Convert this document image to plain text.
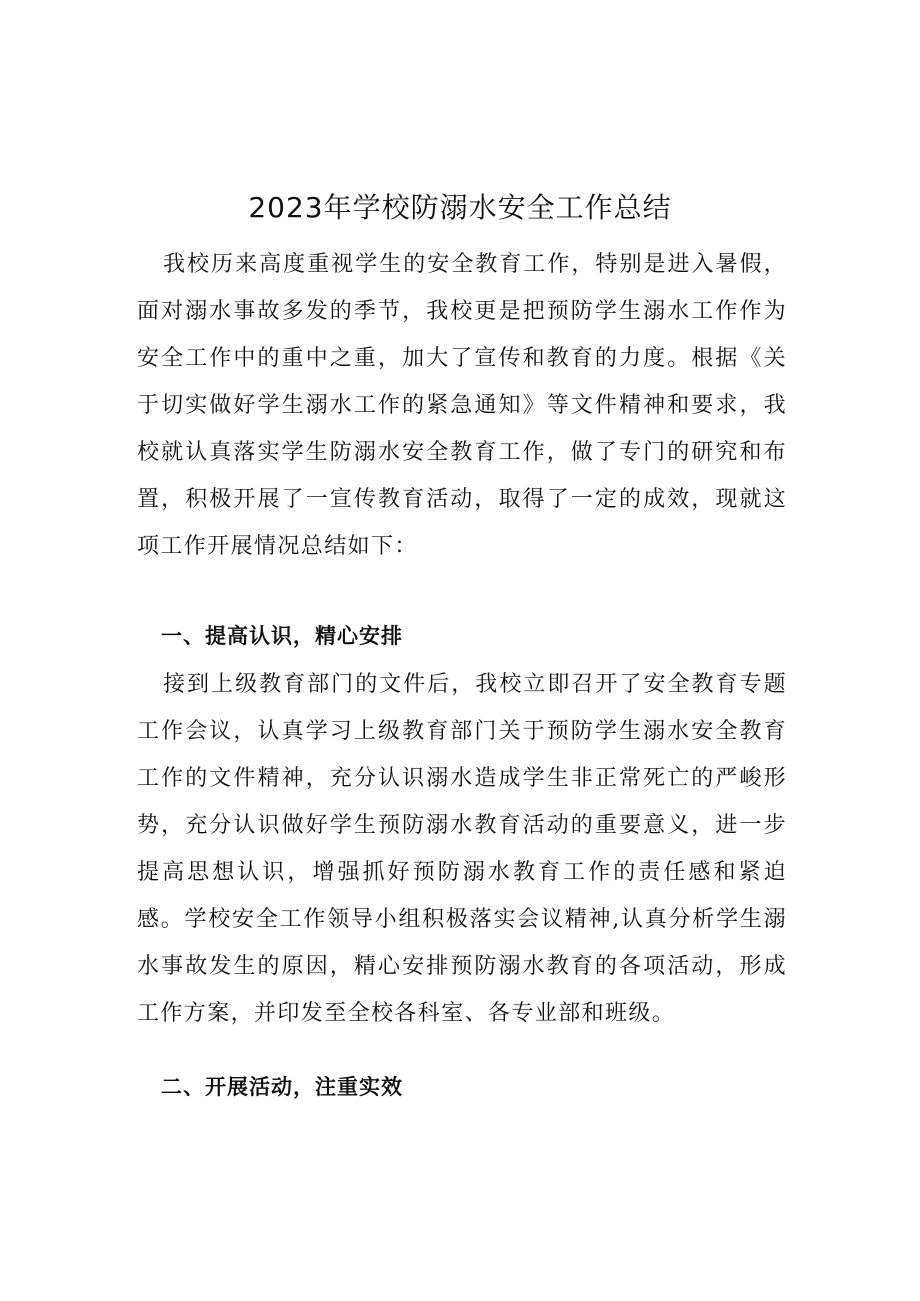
2023年学校防溺水安全工作总结

我校历来高度重视学生的安全教育工作，特别是进入暑假，面对溺水事故多发的季节，我校更是把预防学生溺水工作作为安全工作中的重中之重，加大了宣传和教育的力度。根据《关于切实做好学生溺水工作的紧急通知》等文件精神和要求，我校就认真落实学生防溺水安全教育工作，做了专门的研究和布置，积极开展了一宣传教育活动，取得了一定的成效，现就这项工作开展情况总结如下：

一、提高认识，精心安排

接到上级教育部门的文件后，我校立即召开了安全教育专题工作会议，认真学习上级教育部门关于预防学生溺水安全教育工作的文件精神，充分认识溺水造成学生非正常死亡的严峻形势，充分认识做好学生预防溺水教育活动的重要意义，进一步提高思想认识，增强抓好预防溺水教育工作的责任感和紧迫感。学校安全工作领导小组积极落实会议精神,认真分析学生溺水事故发生的原因，精心安排预防溺水教育的各项活动，形成工作方案，并印发至全校各科室、各专业部和班级。

二、开展活动，注重实效
